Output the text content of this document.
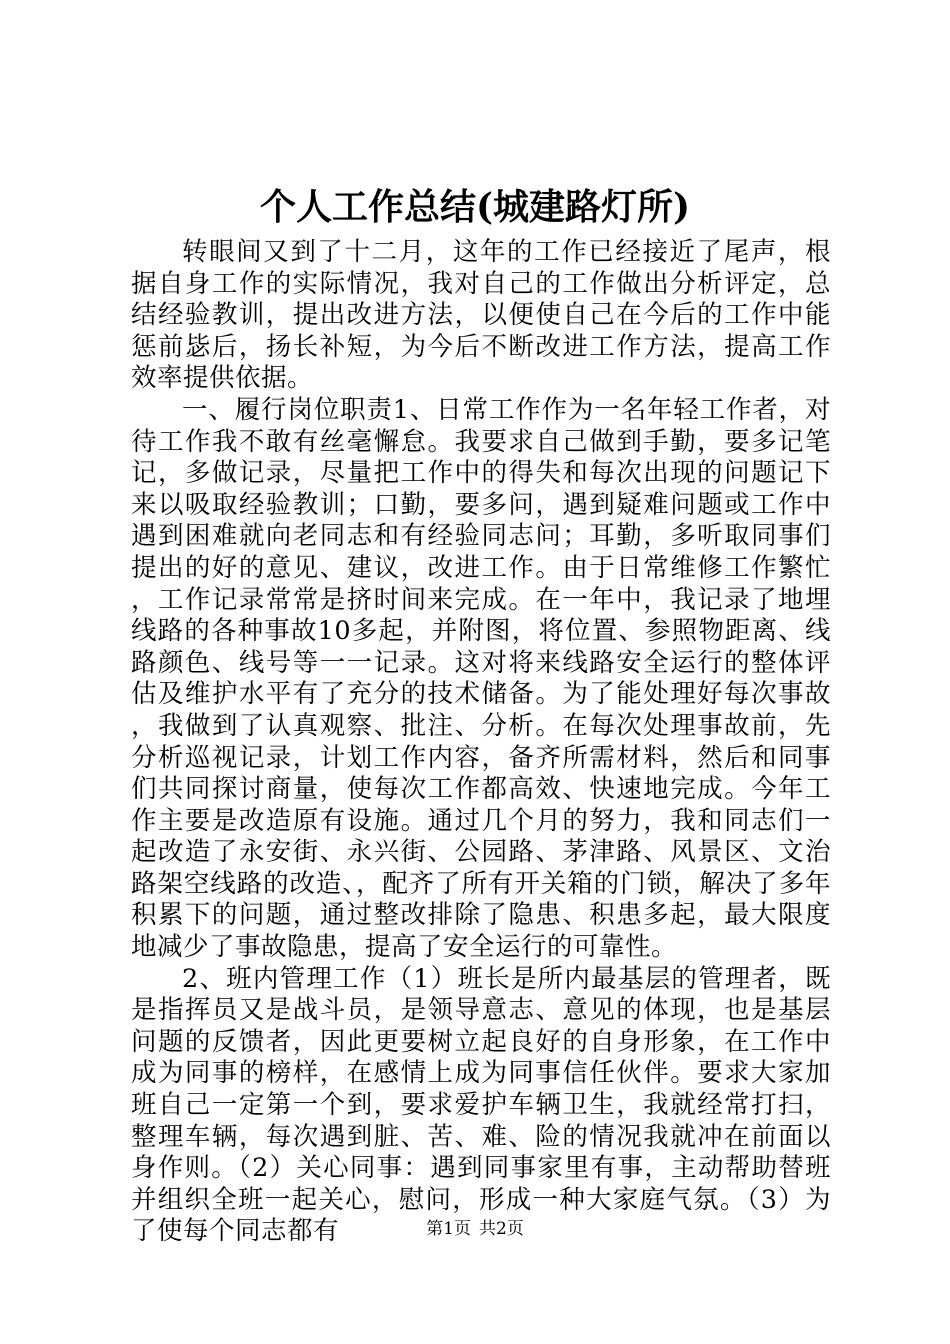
个人工作总结(城建路灯所)

转眼间又到了十二月，这年的工作已经接近了尾声，根据自身工作的实际情况，我对自己的工作做出分析评定，总结经验教训，提出改进方法，以便使自己在今后的工作中能惩前毖后，扬长补短，为今后不断改进工作方法，提高工作效率提供依据。

一、履行岗位职责1、日常工作作为一名年轻工作者，对待工作我不敢有丝毫懈怠。我要求自己做到手勤，要多记笔记，多做记录，尽量把工作中的得失和每次出现的问题记下来以吸取经验教训；口勤，要多问，遇到疑难问题或工作中遇到困难就向老同志和有经验同志问；耳勤，多听取同事们提出的好的意见、建议，改进工作。由于日常维修工作繁忙，工作记录常常是挤时间来完成。在一年中，我记录了地埋线路的各种事故10多起，并附图，将位置、参照物距离、线路颜色、线号等一一记录。这对将来线路安全运行的整体评估及维护水平有了充分的技术储备。为了能处理好每次事故，我做到了认真观察、批注、分析。在每次处理事故前，先分析巡视记录，计划工作内容，备齐所需材料，然后和同事们共同探讨商量，使每次工作都高效、快速地完成。今年工作主要是改造原有设施。通过几个月的努力，我和同志们一起改造了永安街、永兴街、公园路、茅津路、风景区、文治路架空线路的改造、，配齐了所有开关箱的门锁，解决了多年积累下的问题，通过整改排除了隐患、积患多起，最大限度地减少了事故隐患，提高了安全运行的可靠性。

2、班内管理工作（1）班长是所内最基层的管理者，既是指挥员又是战斗员，是领导意志、意见的体现，也是基层问题的反馈者，因此更要树立起良好的自身形象，在工作中成为同事的榜样，在感情上成为同事信任伙伴。要求大家加班自己一定第一个到，要求爱护车辆卫生，我就经常打扫，整理车辆，每次遇到脏、苦、难、险的情况我就冲在前面以身作则。（2）关心同事：遇到同事家里有事，主动帮助替班并组织全班一起关心，慰问，形成一种大家庭气氛。（3）为了使每个同志都有	第1页 共2页
